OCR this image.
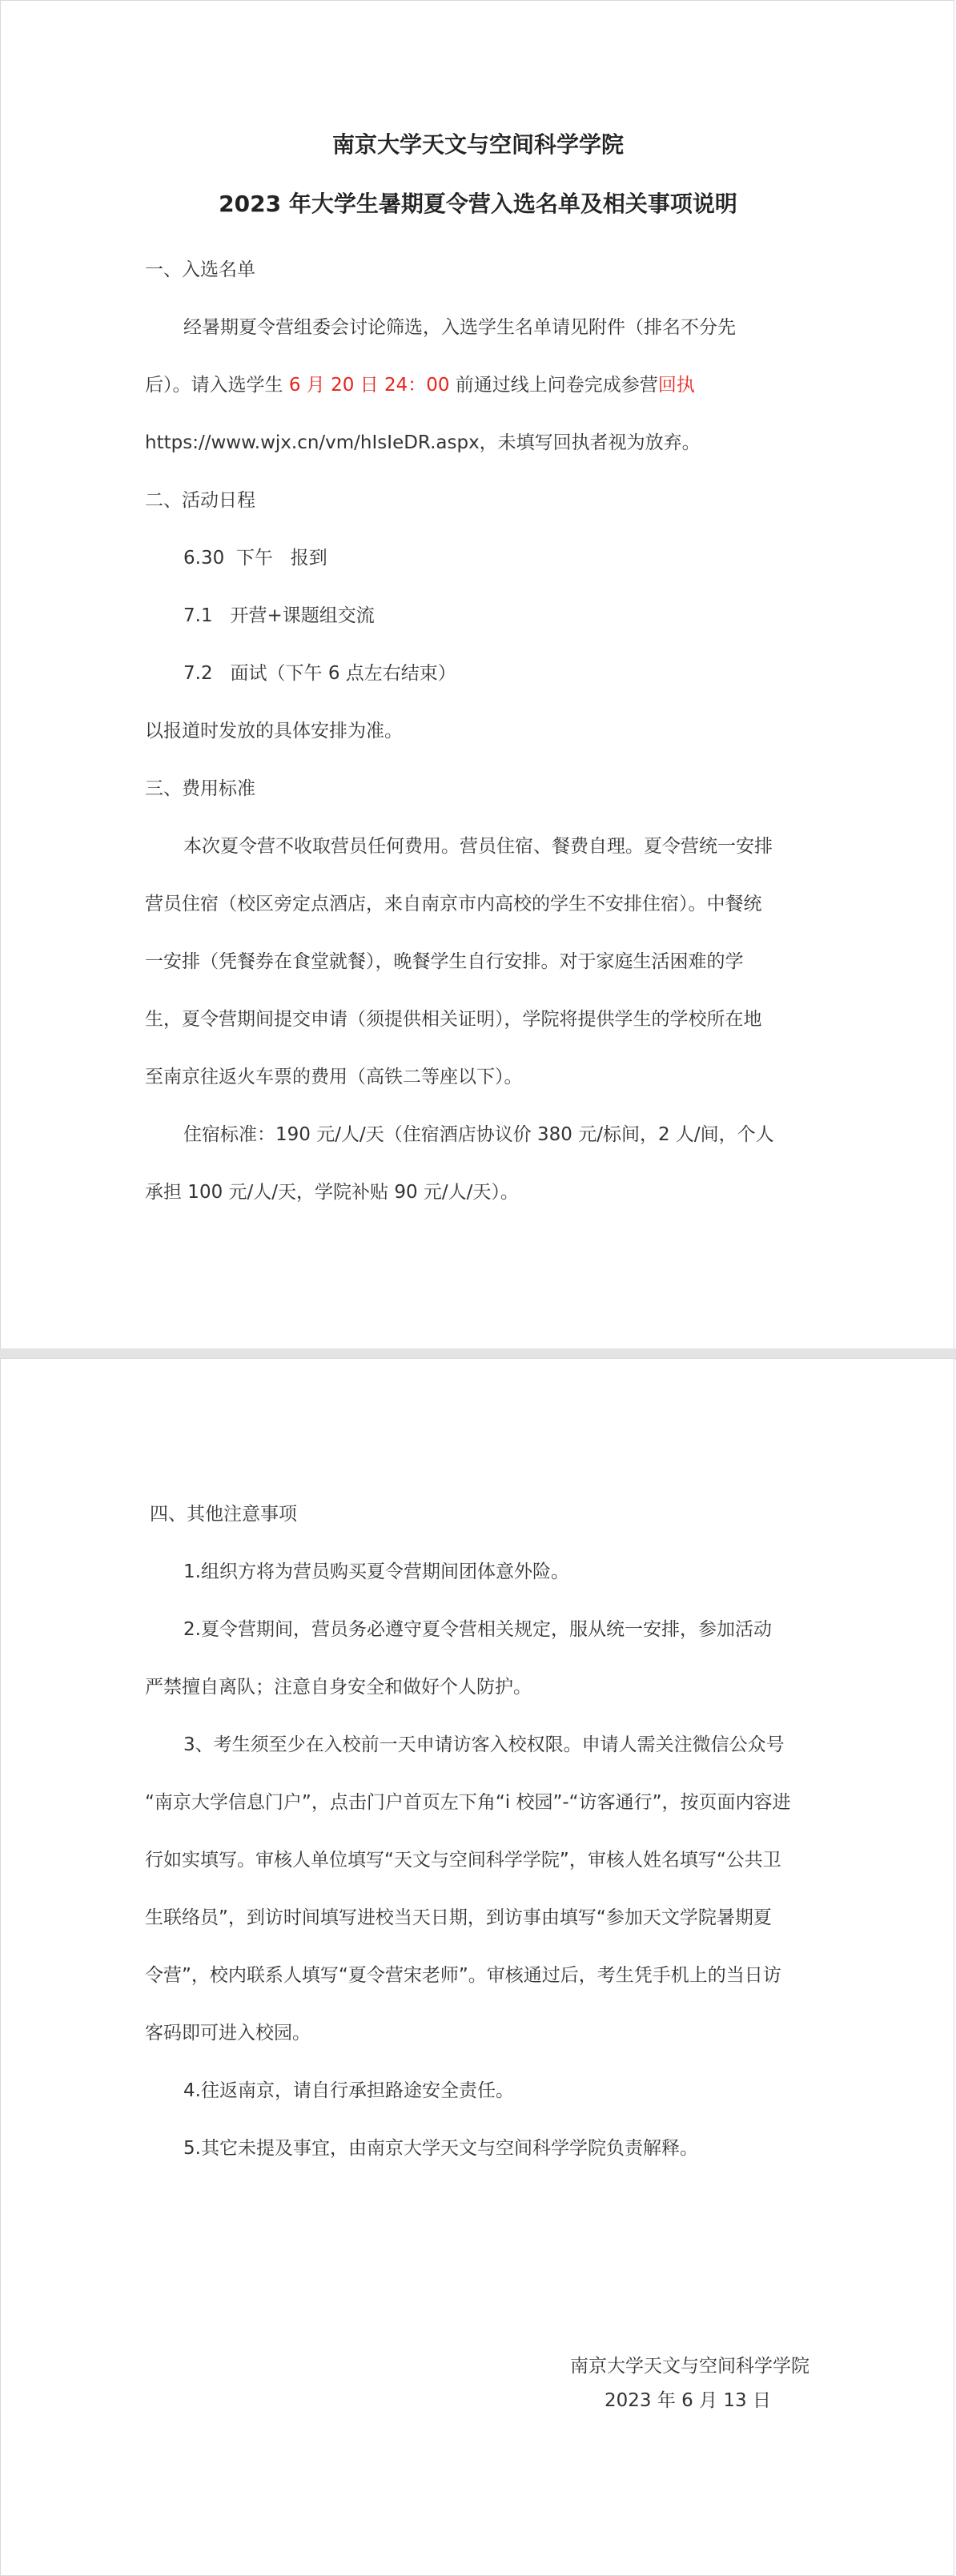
南京大学天文与空间科学学院
2023 年大学生暑期夏令营入选名单及相关事项说明
一、入选名单
经暑期夏令营组委会讨论筛选，入选学生名单请见附件（排名不分先
后）。请入选学生 6 月 20 日 24：00 前通过线上问卷完成参营回执
https://www.wjx.cn/vm/hIsIeDR.aspx，未填写回执者视为放弃。
二、活动日程
6.30  下午   报到
7.1   开营+课题组交流
7.2   面试（下午 6 点左右结束）
以报道时发放的具体安排为准。
三、费用标准
本次夏令营不收取营员任何费用。营员住宿、餐费自理。夏令营统一安排
营员住宿（校区旁定点酒店，来自南京市内高校的学生不安排住宿）。中餐统
一安排（凭餐券在食堂就餐），晚餐学生自行安排。对于家庭生活困难的学
生，夏令营期间提交申请（须提供相关证明），学院将提供学生的学校所在地
至南京往返火车票的费用（高铁二等座以下）。
住宿标准：190 元/人/天（住宿酒店协议价 380 元/标间，2 人/间，个人
承担 100 元/人/天，学院补贴 90 元/人/天）。
四、其他注意事项
1.组织方将为营员购买夏令营期间团体意外险。
2.夏令营期间，营员务必遵守夏令营相关规定，服从统一安排，参加活动
严禁擅自离队；注意自身安全和做好个人防护。
3、考生须至少在入校前一天申请访客入校权限。申请人需关注微信公众号
“南京大学信息门户”，点击门户首页左下角“i 校园”-“访客通行”，按页面内容进
行如实填写。审核人单位填写“天文与空间科学学院”，审核人姓名填写“公共卫
生联络员”，到访时间填写进校当天日期，到访事由填写“参加天文学院暑期夏
令营”，校内联系人填写“夏令营宋老师”。审核通过后，考生凭手机上的当日访
客码即可进入校园。
4.往返南京，请自行承担路途安全责任。
5.其它未提及事宜，由南京大学天文与空间科学学院负责解释。
南京大学天文与空间科学学院
2023 年 6 月 13 日
